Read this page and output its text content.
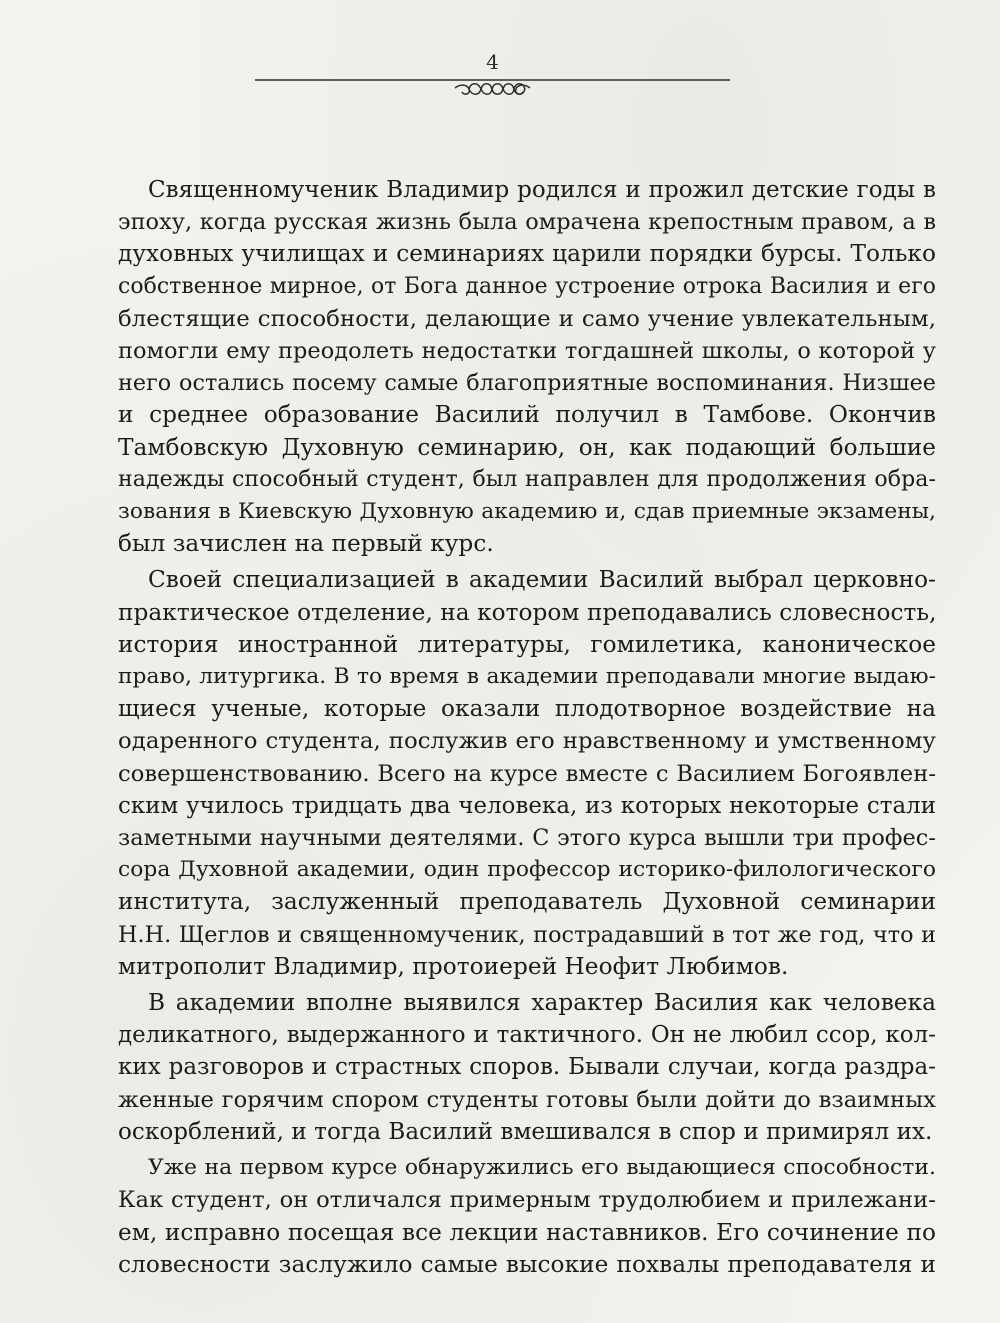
4

Священномученик Владимир родился и прожил детские годы в
эпоху, когда русская жизнь была омрачена крепостным правом, а в
духовных училищах и семинариях царили порядки бурсы. Только
собственное мирное, от Бога данное устроение отрока Василия и его
блестящие способности, делающие и само учение увлекательным,
помогли ему преодолеть недостатки тогдашней школы, о которой у
него остались посему самые благоприятные воспоминания. Низшее
и среднее образование Василий получил в Тамбове. Окончив
Тамбовскую Духовную семинарию, он, как подающий большие
надежды способный студент, был направлен для продолжения обра-
зования в Киевскую Духовную академию и, сдав приемные экзамены,
был зачислен на первый курс.

Своей специализацией в академии Василий выбрал церковно-
практическое отделение, на котором преподавались словесность,
история иностранной литературы, гомилетика, каноническое
право, литургика. В то время в академии преподавали многие выдаю-
щиеся ученые, которые оказали плодотворное воздействие на
одаренного студента, послужив его нравственному и умственному
совершенствованию. Всего на курсе вместе с Василием Богоявлен-
ским училось тридцать два человека, из которых некоторые стали
заметными научными деятелями. С этого курса вышли три профес-
сора Духовной академии, один профессор историко-филологического
института, заслуженный преподаватель Духовной семинарии
Н.Н. Щеглов и священномученик, пострадавший в тот же год, что и
митрополит Владимир, протоиерей Неофит Любимов.

В академии вполне выявился характер Василия как человека
деликатного, выдержанного и тактичного. Он не любил ссор, кол-
ких разговоров и страстных споров. Бывали случаи, когда раздра-
женные горячим спором студенты готовы были дойти до взаимных
оскорблений, и тогда Василий вмешивался в спор и примирял их.

Уже на первом курсе обнаружились его выдающиеся способности.
Как студент, он отличался примерным трудолюбием и прилежани-
ем, исправно посещая все лекции наставников. Его сочинение по
словесности заслужило самые высокие похвалы преподавателя и
